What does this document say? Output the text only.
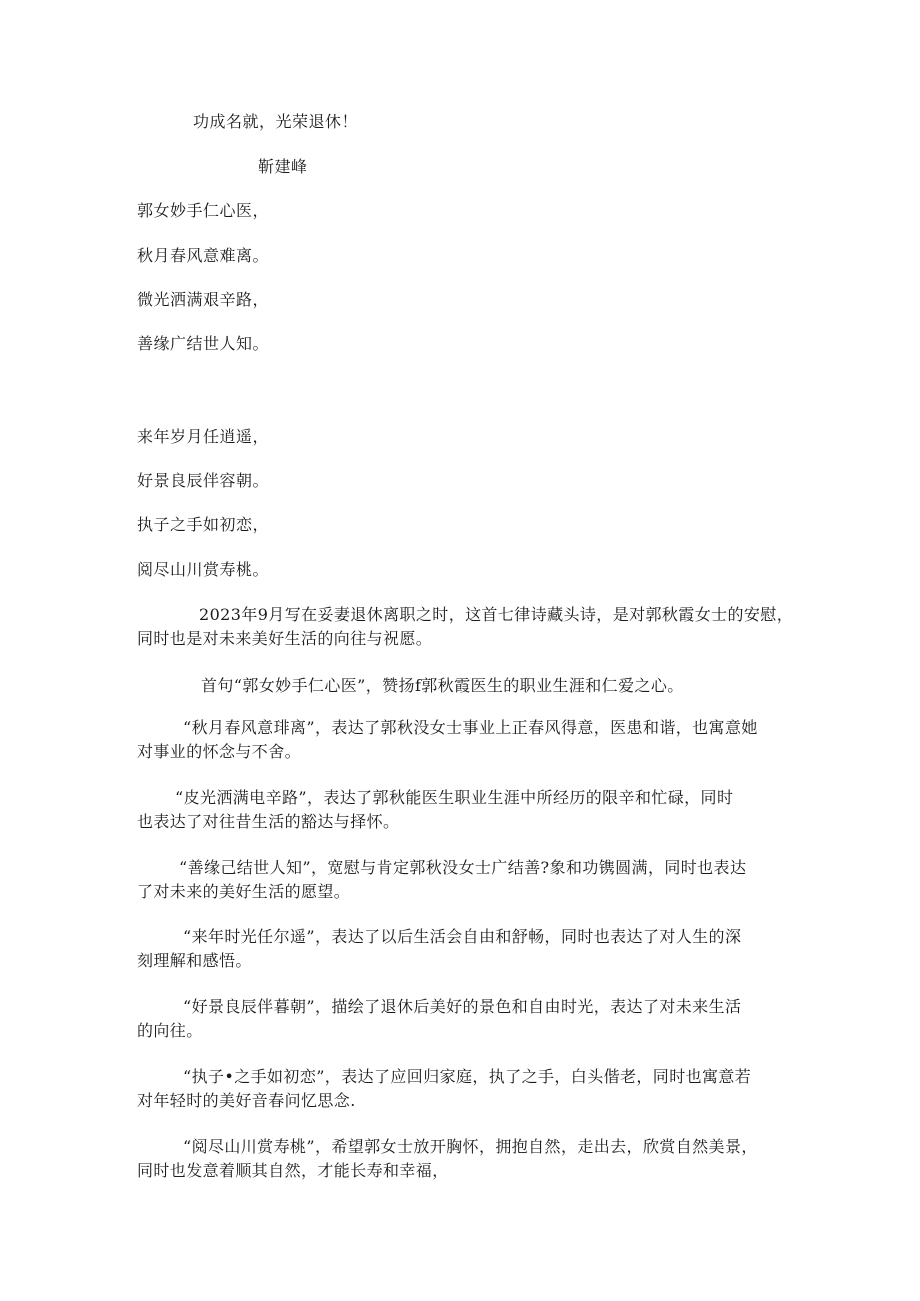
功成名就，光荣退休！
靳建峰
郭女妙手仁心医，
秋月春风意难离。
微光洒满艰辛路，
善缘广结世人知。
来年岁月任逍遥，
好景良辰伴容朝。
执子之手如初恋，
阅尽山川赏寿桃。
2023年9月写在妥妻退休离职之时，这首七律诗藏头诗，是对郭秋霞女士的安慰，
同时也是对未来美好生活的向往与祝愿。
首句“郭女妙手仁心医”，赞扬f郭秋霞医生的职业生涯和仁爱之心。
“秋月春风意琲离”，表达了郭秋没女士事业上正春风得意，医患和谐，也寓意她
对事业的怀念与不舍。
“皮光洒满电辛路”，表达了郭秋能医生职业生涯中所经历的限辛和忙碌，同时
也表达了对往昔生活的豁达与择怀。
“善缘己结世人知”，宽慰与肯定郭秋没女士广结善?象和功镌圆满，同时也表达
了对未来的美好生活的愿望。
“来年时光任尔遥”，表达了以后生活会自由和舒畅，同时也表达了对人生的深
刻理解和感悟。
“好景良辰伴暮朝”，描绘了退休后美好的景色和自由时光，表达了对未来生活
的向往。
“执子•之手如初恋”，表达了应回归家庭，执了之手，白头偕老，同时也寓意若
对年轻时的美好音春问忆思念.
“阅尽山川赏寿桃”，希望郭女士放开胸怀，拥抱自然，走出去，欣赏自然美景，
同时也发意着顺其自然，才能长寿和幸福，
